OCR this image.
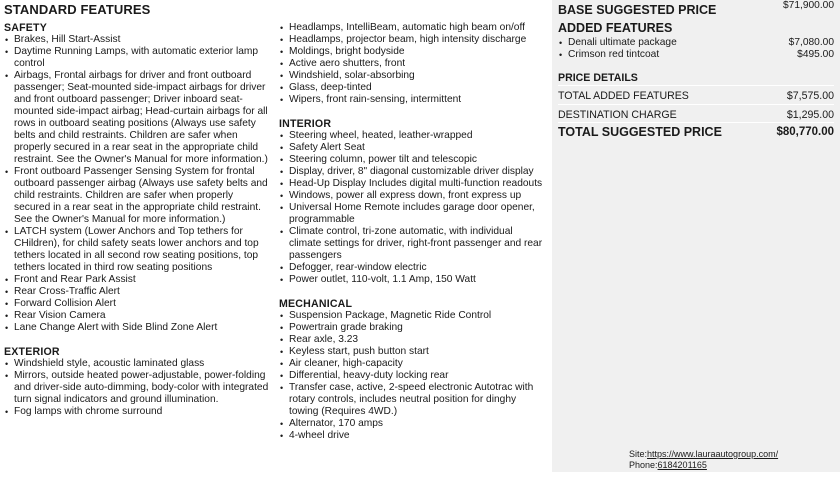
STANDARD FEATURES
SAFETY
• Brakes, Hill Start-Assist
• Daytime Running Lamps, with automatic exterior lamp control
• Airbags, Frontal airbags for driver and front outboard passenger; Seat-mounted side-impact airbags for driver and front outboard passenger; Driver inboard seat-mounted side-impact airbag; Head-curtain airbags for all rows in outboard seating positions (Always use safety belts and child restraints. Children are safer when properly secured in a rear seat in the appropriate child restraint. See the Owner's Manual for more information.)
• Front outboard Passenger Sensing System for frontal outboard passenger airbag (Always use safety belts and child restraints. Children are safer when properly secured in a rear seat in the appropriate child restraint. See the Owner's Manual for more information.)
• LATCH system (Lower Anchors and Top tethers for CHildren), for child safety seats lower anchors and top tethers located in all second row seating positions, top tethers located in third row seating positions
• Front and Rear Park Assist
• Rear Cross-Traffic Alert
• Forward Collision Alert
• Rear Vision Camera
• Lane Change Alert with Side Blind Zone Alert
EXTERIOR
• Windshield style, acoustic laminated glass
• Mirrors, outside heated power-adjustable, power-folding and driver-side auto-dimming, body-color with integrated turn signal indicators and ground illumination.
• Fog lamps with chrome surround
• Headlamps, IntelliBeam, automatic high beam on/off
• Headlamps, projector beam, high intensity discharge
• Moldings, bright bodyside
• Active aero shutters, front
• Windshield, solar-absorbing
• Glass, deep-tinted
• Wipers, front rain-sensing, intermittent
INTERIOR
• Steering wheel, heated, leather-wrapped
• Safety Alert Seat
• Steering column, power tilt and telescopic
• Display, driver, 8" diagonal customizable driver display
• Head-Up Display Includes digital multi-function readouts
• Windows, power all express down, front express up
• Universal Home Remote includes garage door opener, programmable
• Climate control, tri-zone automatic, with individual climate settings for driver, right-front passenger and rear passengers
• Defogger, rear-window electric
• Power outlet, 110-volt, 1.1 Amp, 150 Watt
MECHANICAL
• Suspension Package, Magnetic Ride Control
• Powertrain grade braking
• Rear axle, 3.23
• Keyless start, push button start
• Air cleaner, high-capacity
• Differential, heavy-duty locking rear
• Transfer case, active, 2-speed electronic Autotrac with rotary controls, includes neutral position for dinghy towing (Requires 4WD.)
• Alternator, 170 amps
• 4-wheel drive
BASE SUGGESTED PRICE	$71,900.00
ADDED FEATURES
• Denali ultimate package	$7,080.00
• Crimson red tintcoat	$495.00
PRICE DETAILS
TOTAL ADDED FEATURES	$7,575.00
DESTINATION CHARGE	$1,295.00
TOTAL SUGGESTED PRICE	$80,770.00
Site:https://www.lauraautogroup.com/
Phone:6184201165
